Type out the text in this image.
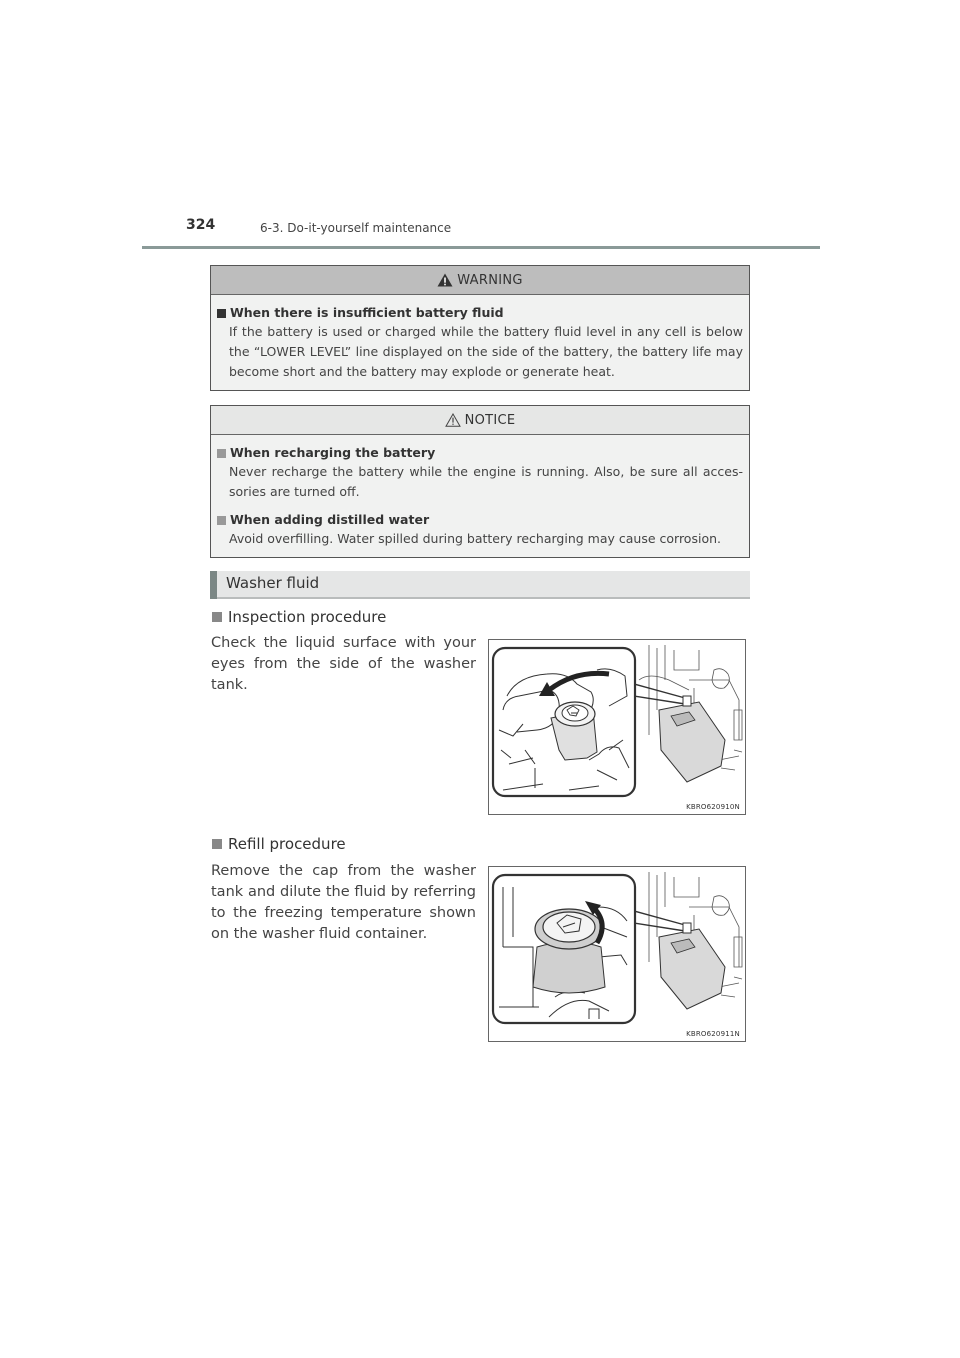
324	6-3. Do-it-yourself maintenance
WARNING
When there is insufficient battery fluid
If the battery is used or charged while the battery fluid level in any cell is below the “LOWER LEVEL” line displayed on the side of the battery, the battery life may become short and the battery may explode or generate heat.
NOTICE
When recharging the battery
Never recharge the battery while the engine is running. Also, be sure all acces-sories are turned off.
When adding distilled water
Avoid overfilling. Water spilled during battery recharging may cause corrosion.
Washer fluid
Inspection procedure
Check the liquid surface with your eyes from the side of the washer tank.
KBRO620910N
Refill procedure
Remove the cap from the washer tank and dilute the fluid by referring to the freezing temperature shown on the washer fluid container.
KBRO620911N
